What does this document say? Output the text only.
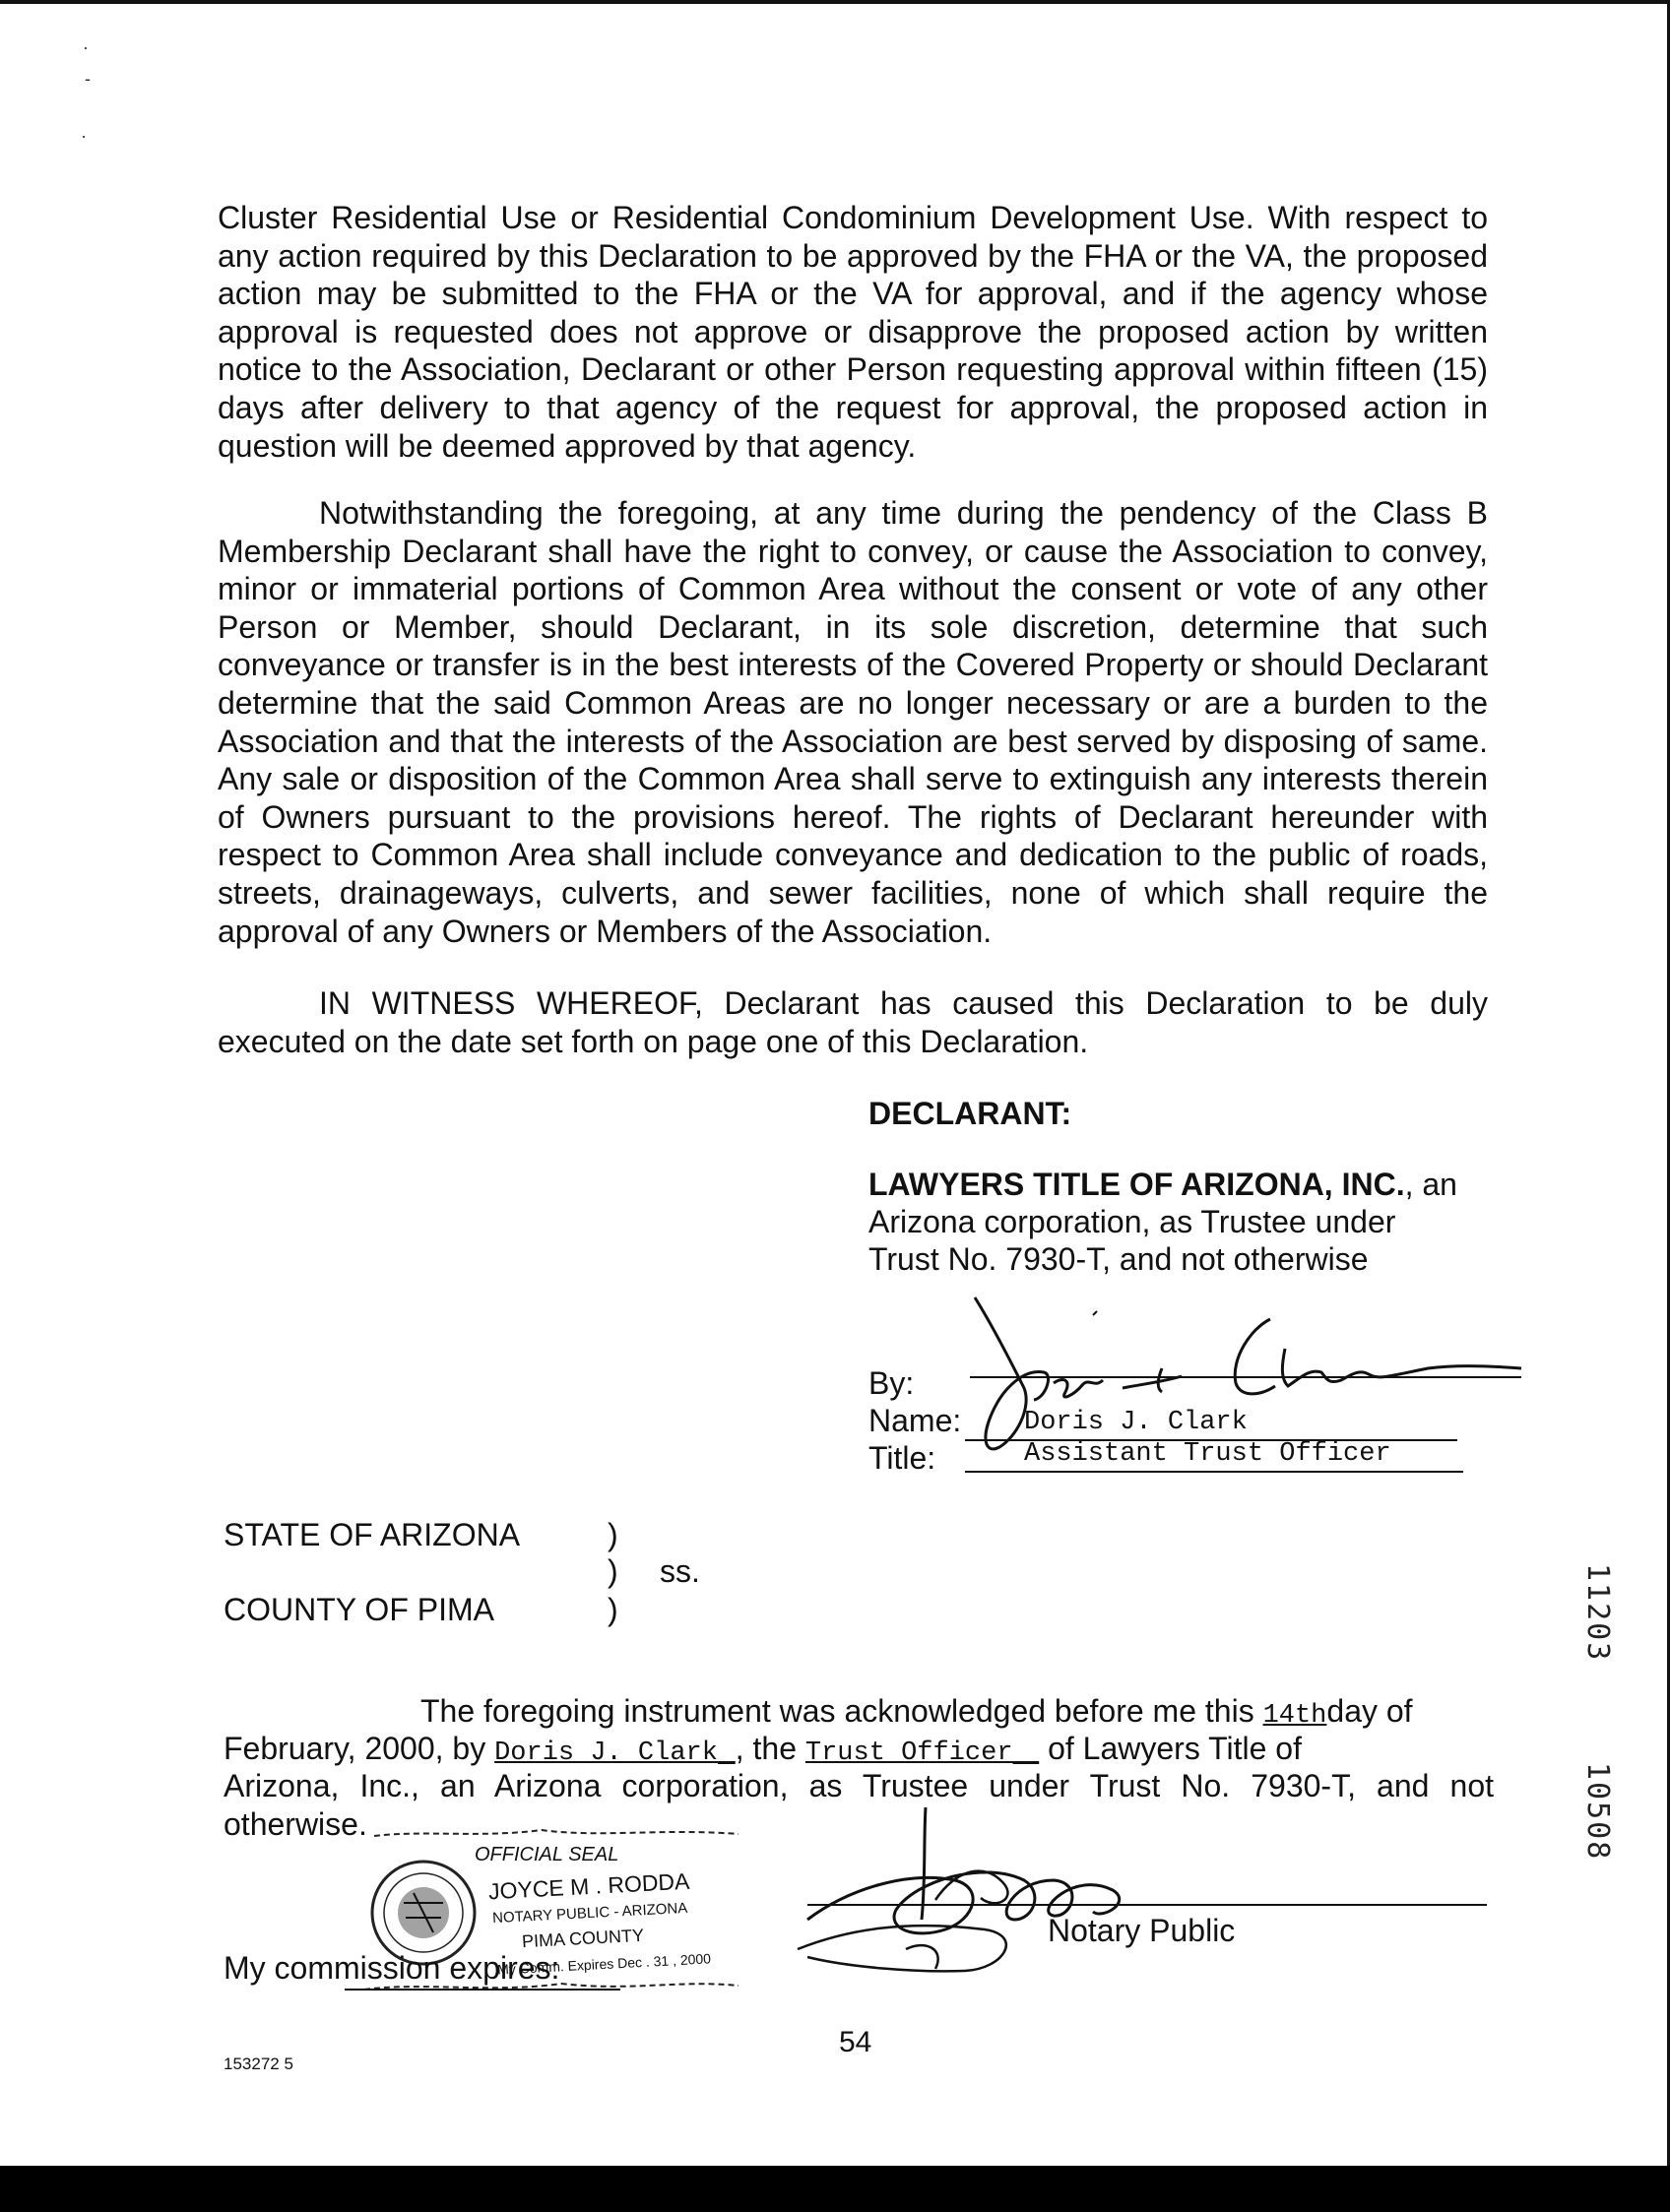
·
-
·

Cluster Residential Use or Residential Condominium Development Use. With respect to any action required by this Declaration to be approved by the FHA or the VA, the proposed action may be submitted to the FHA or the VA for approval, and if the agency whose approval is requested does not approve or disapprove the proposed action by written notice to the Association, Declarant or other Person requesting approval within fifteen (15) days after delivery to that agency of the request for approval, the proposed action in question will be deemed approved by that agency.

Notwithstanding the foregoing, at any time during the pendency of the Class B Membership Declarant shall have the right to convey, or cause the Association to convey, minor or immaterial portions of Common Area without the consent or vote of any other Person or Member, should Declarant, in its sole discretion, determine that such conveyance or transfer is in the best interests of the Covered Property or should Declarant determine that the said Common Areas are no longer necessary or are a burden to the Association and that the interests of the Association are best served by disposing of same. Any sale or disposition of the Common Area shall serve to extinguish any interests therein of Owners pursuant to the provisions hereof. The rights of Declarant hereunder with respect to Common Area shall include conveyance and dedication to the public of roads, streets, drainageways, culverts, and sewer facilities, none of which shall require the approval of any Owners or Members of the Association.

IN WITNESS WHEREOF, Declarant has caused this Declaration to be duly executed on the date set forth on page one of this Declaration.

DECLARANT:
LAWYERS TITLE OF ARIZONA, INC., an
Arizona corporation, as Trustee under
Trust No. 7930-T, and not otherwise
By:
Name: Doris J. Clark
Title:	Assistant Trust Officer
STATE OF ARIZONA	)
) ss.
COUNTY OF PIMA	)
The foregoing instrument was acknowledged before me this 14thday of
February, 2000, by Doris J. Clark , the Trust Officer of Lawyers Title of
Arizona, Inc., an Arizona corporation, as Trustee under Trust No. 7930-T, and not
otherwise.
OFFICIAL SEAL
JOYCE M . RODDA
NOTARY PUBLIC - ARIZONA
PIMA COUNTY
My Comm. Expires Dec . 31 , 2000
My commission expires:
Notary Public
54
153272 5
11203
10508
